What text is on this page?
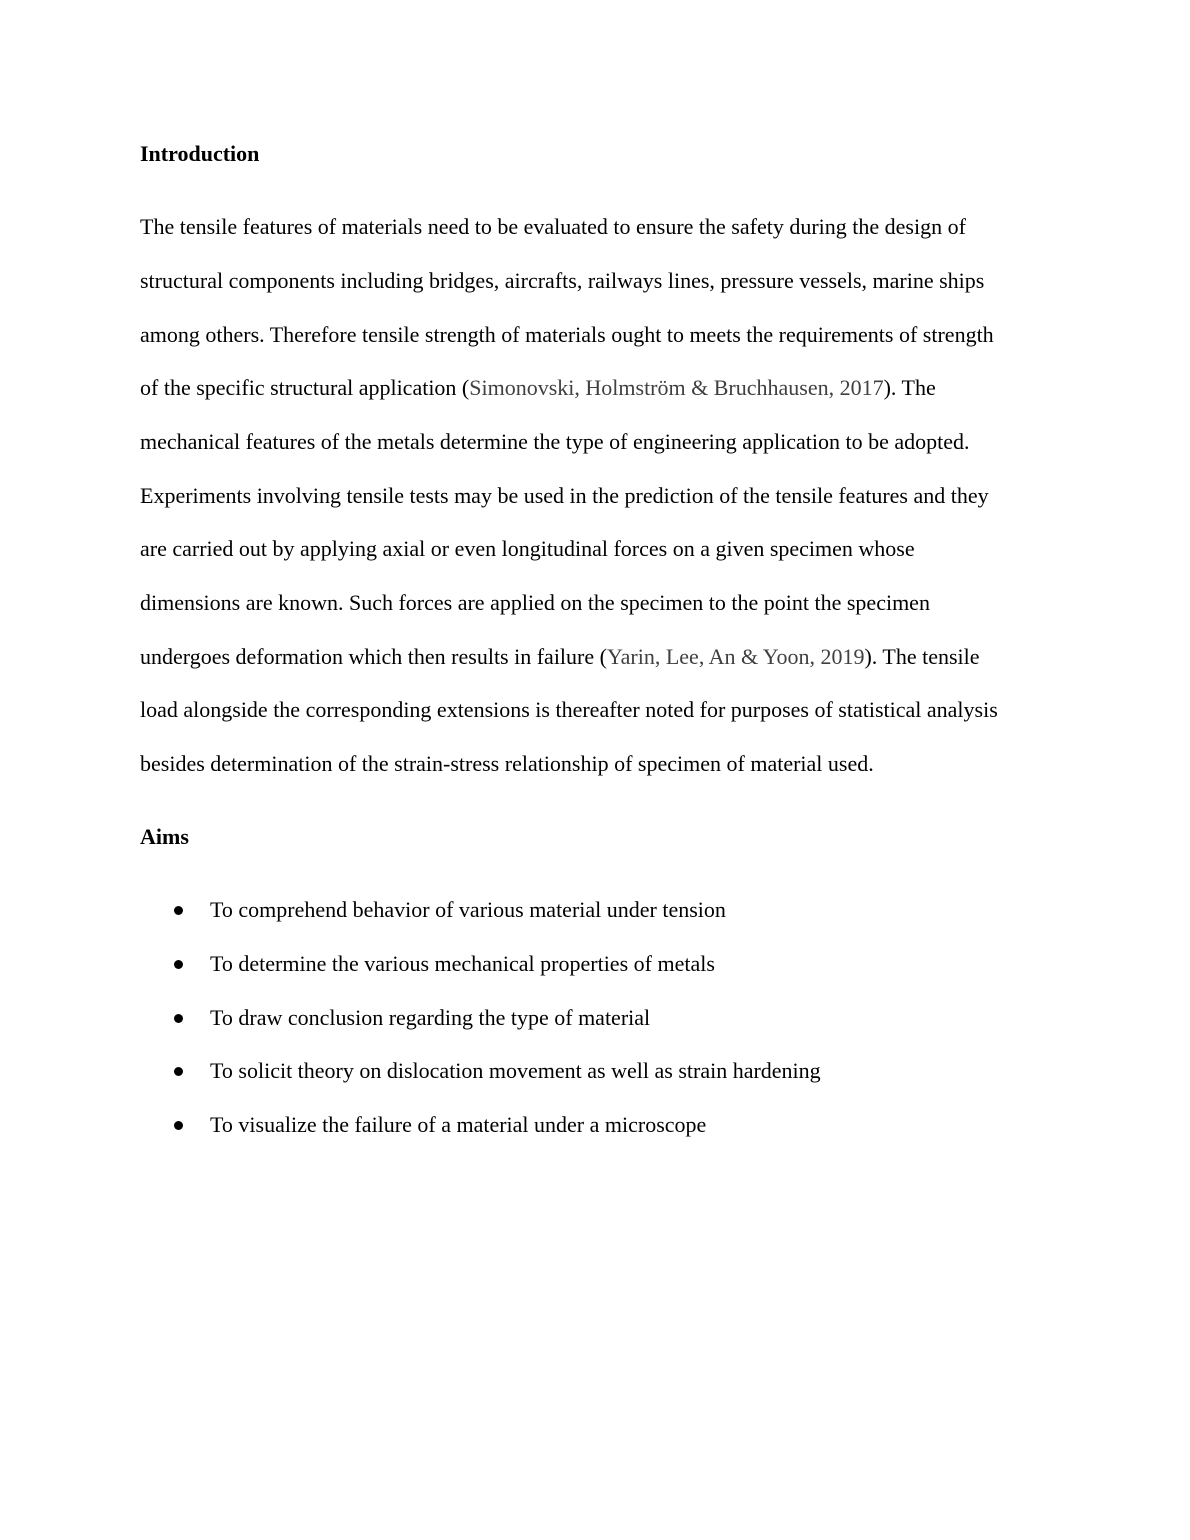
Introduction

The tensile features of materials need to be evaluated to ensure the safety during the design of

structural components including bridges, aircrafts, railways lines, pressure vessels, marine ships

among others. Therefore tensile strength of materials ought to meets the requirements of strength

of the specific structural application (Simonovski, Holmström & Bruchhausen, 2017). The

mechanical features of the metals determine the type of engineering application to be adopted.

Experiments involving tensile tests may be used in the prediction of the tensile features and they

are carried out by applying axial or even longitudinal forces on a given specimen whose

dimensions are known. Such forces are applied on the specimen to the point the specimen

undergoes deformation which then results in failure (Yarin, Lee, An & Yoon, 2019). The tensile

load alongside the corresponding extensions is thereafter noted for purposes of statistical analysis

besides determination of the strain-stress relationship of specimen of material used.

Aims
To comprehend behavior of various material under tension
To determine the various mechanical properties of metals
To draw conclusion regarding the type of material
To solicit theory on dislocation movement as well as strain hardening
To visualize the failure of a material under a microscope
